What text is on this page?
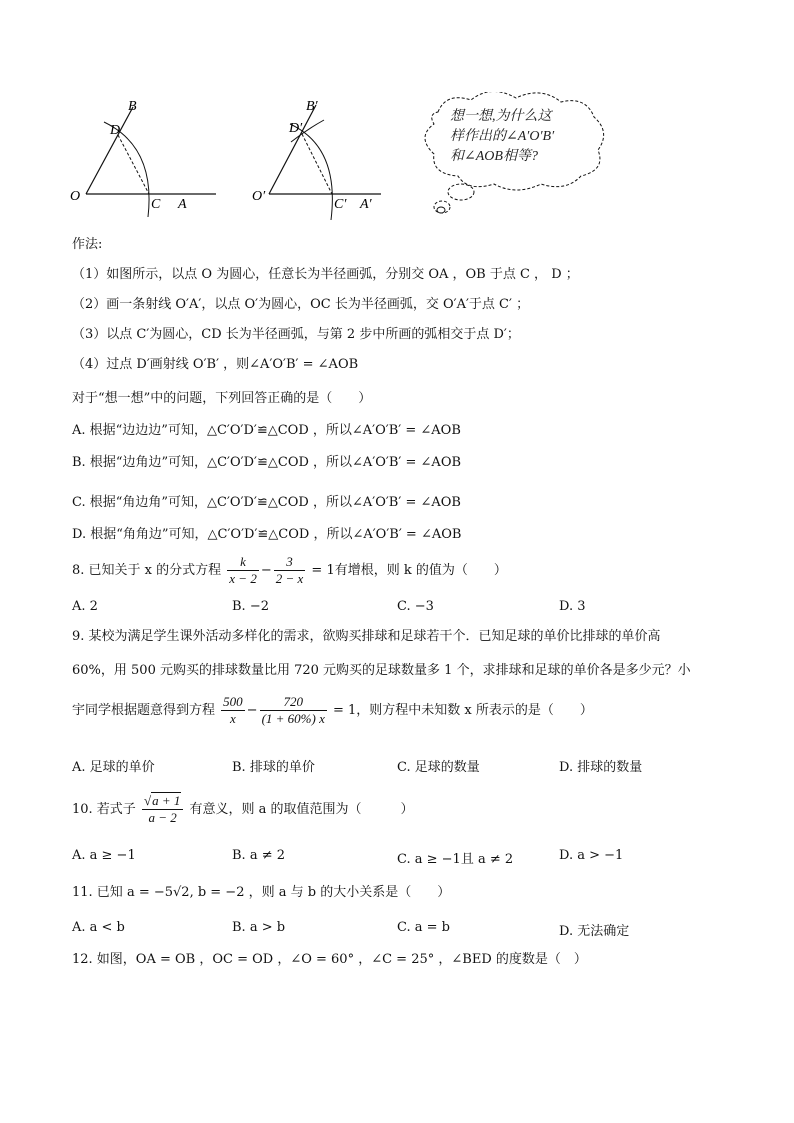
B
D
O
C A
B′
D′
O′
C′ A′
想一想,为什么这
样作出的∠A′O′B′
和∠AOB相等?
作法:
（1）如图所示，以点 O 为圆心，任意长为半径画弧，分别交 OA ，OB 于点 C ， D ；
（2）画一条射线 O′A′，以点 O′为圆心，OC 长为半径画弧，交 O′A′于点 C′ ；
（3）以点 C′为圆心，CD 长为半径画弧，与第 2 步中所画的弧相交于点 D′；
（4）过点 D′画射线 O′B′ ，则∠A′O′B′ = ∠AOB
对于“想一想”中的问题，下列回答正确的是（　　）
A. 根据“边边边”可知，△C′O′D′≌△COD ，所以∠A′O′B′ = ∠AOB
B. 根据“边角边”可知，△C′O′D′≌△COD ，所以∠A′O′B′ = ∠AOB
C. 根据“角边角”可知，△C′O′D′≌△COD ，所以∠A′O′B′ = ∠AOB
D. 根据“角角边”可知，△C′O′D′≌△COD ，所以∠A′O′B′ = ∠AOB
8. 已知关于 x 的分式方程 $\frac{k}{x - 2} - \frac{3}{2 - x} = 1$有增根，则 k 的值为（　　）
A. 2	B. −2	C. −3	D. 3
9. 某校为满足学生课外活动多样化的需求，欲购买排球和足球若干个．已知足球的单价比排球的单价高
60%，用 500 元购买的排球数量比用 720 元购买的足球数量多 1 个，求排球和足球的单价各是多少元？小
宇同学根据题意得到方程 $\frac{500}{x} - \frac{720}{(1 + 60\%) x} = 1$，则方程中未知数 x 所表示的是（　　）
A. 足球的单价	B. 排球的单价	C. 足球的数量	D. 排球的数量
10. 若式子 $\frac{√a + 1}{a - 2}$ 有意义，则 a 的取值范围为（　　　）
A. a ≥ −1	B. a ≠ 2	C. a ≥ −1且 a ≠ 2	D. a > −1
11. 已知 a = −5√2, b = −2 ，则 a 与 b 的大小关系是（　　）
A. a < b	B. a > b	C. a = b	D. 无法确定
12. 如图，OA = OB ，OC = OD ，∠O = 60° ，∠C = 25° ，∠BED 的度数是（　）
